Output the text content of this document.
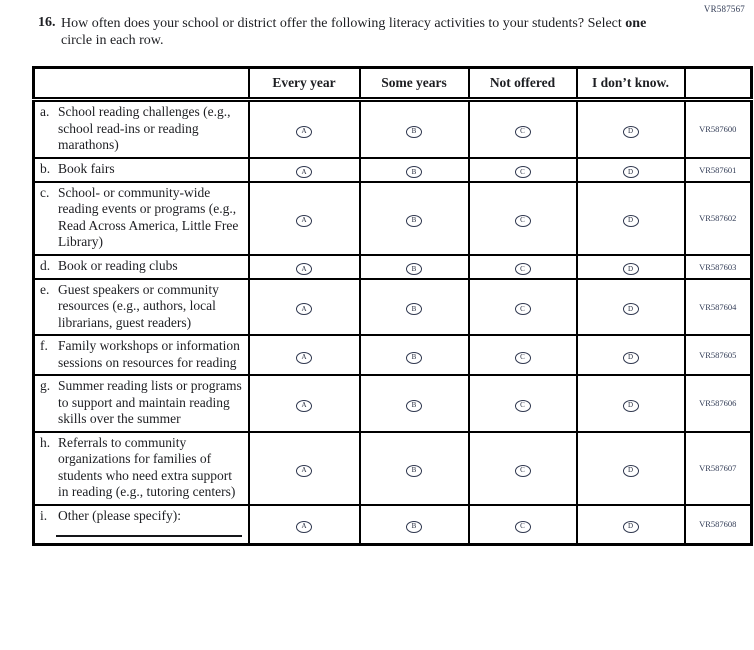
VR587567
16. How often does your school or district offer the following literacy activities to your students? Select one circle in each row.
	Every year	Some years	Not offered	I don’t know.	

a. School reading challenges (e.g., school read-ins or reading marathons)	A	B	C	D	VR587600

b. Book fairs	A	B	C	D	VR587601

c. School- or community-wide reading events or programs (e.g., Read Across America, Little Free Library)	A	B	C	D	VR587602

d. Book or reading clubs	A	B	C	D	VR587603

e. Guest speakers or community resources (e.g., authors, local librarians, guest readers)	A	B	C	D	VR587604

f. Family workshops or information sessions on resources for reading	A	B	C	D	VR587605

g. Summer reading lists or programs to support and maintain reading skills over the summer	A	B	C	D	VR587606

h. Referrals to community organizations for families of students who need extra support in reading (e.g., tutoring centers)	A	B	C	D	VR587607

i. Other (please specify):	A	B	C	D	VR587608
